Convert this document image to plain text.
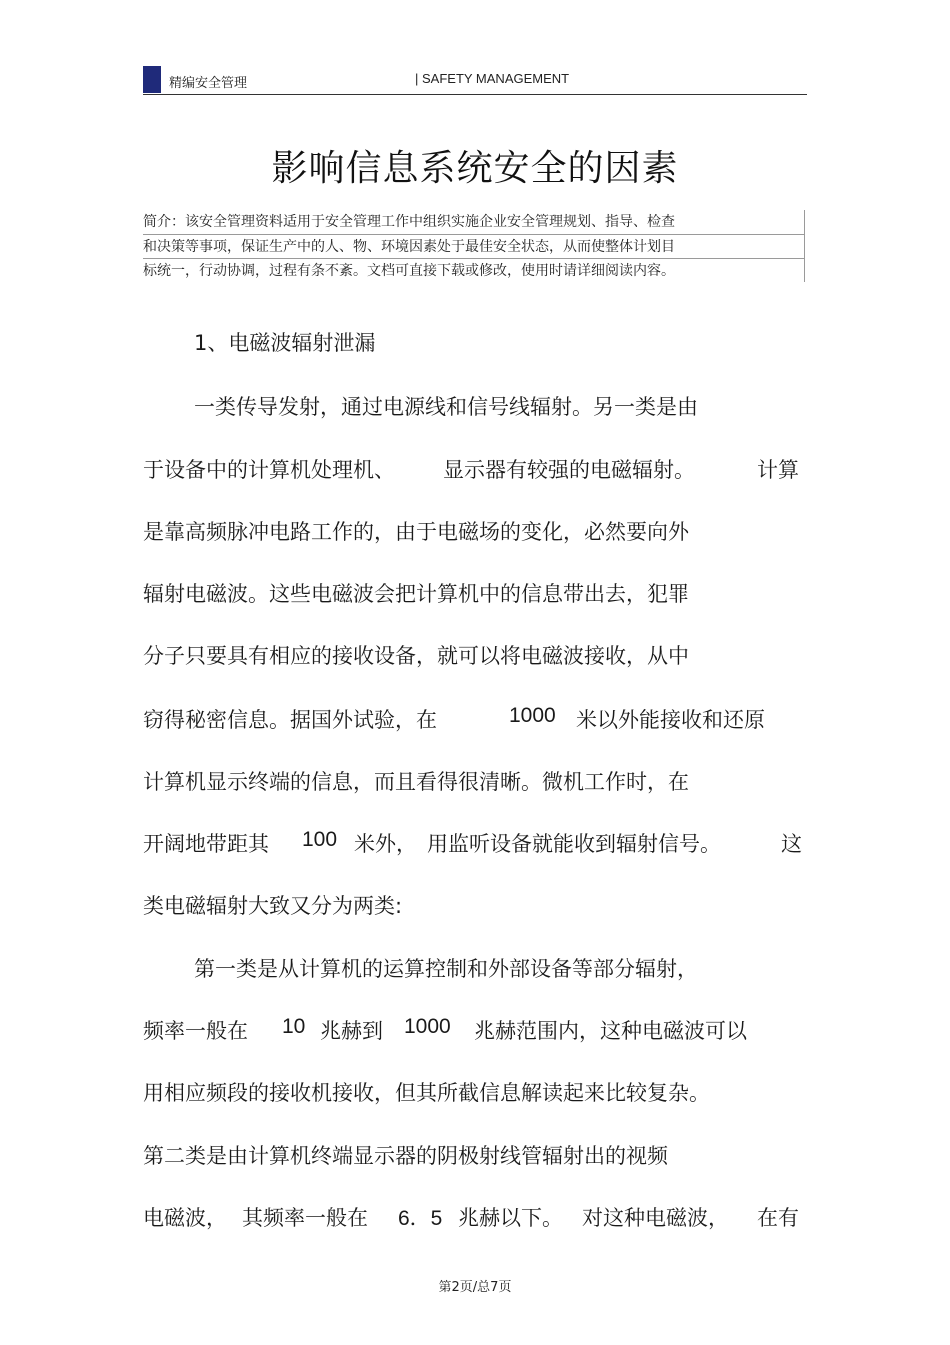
精编安全管理	| SAFETY MANAGEMENT
影响信息系统安全的因素
简介：该安全管理资料适用于安全管理工作中组织实施企业安全管理规划、指导、检查
和决策等事项，保证生产中的人、物、环境因素处于最佳安全状态，从而使整体计划目
标统一，行动协调，过程有条不紊。文档可直接下载或修改，使用时请详细阅读内容。
1、电磁波辐射泄漏
一类传导发射，通过电源线和信号线辐射。另一类是由
于设备中的计算机处理机、 显示器有较强的电磁辐射。	计算
是靠高频脉冲电路工作的，由于电磁场的变化，必然要向外
辐射电磁波。这些电磁波会把计算机中的信息带出去，犯罪
分子只要具有相应的接收设备，就可以将电磁波接收，从中
窃得秘密信息。据国外试验，在	1000 米以外能接收和还原
计算机显示终端的信息，而且看得很清晰。微机工作时，在
开阔地带距其 100 米外， 用监听设备就能收到辐射信号。	这
类电磁辐射大致又分为两类:
第一类是从计算机的运算控制和外部设备等部分辐射，
频率一般在 10 兆赫到 1000 兆赫范围内，这种电磁波可以
用相应频段的接收机接收，但其所截信息解读起来比较复杂。
第二类是由计算机终端显示器的阴极射线管辐射出的视频
电磁波， 其频率一般在 6．5 兆赫以下。 对这种电磁波， 在有
第2页/总7页
